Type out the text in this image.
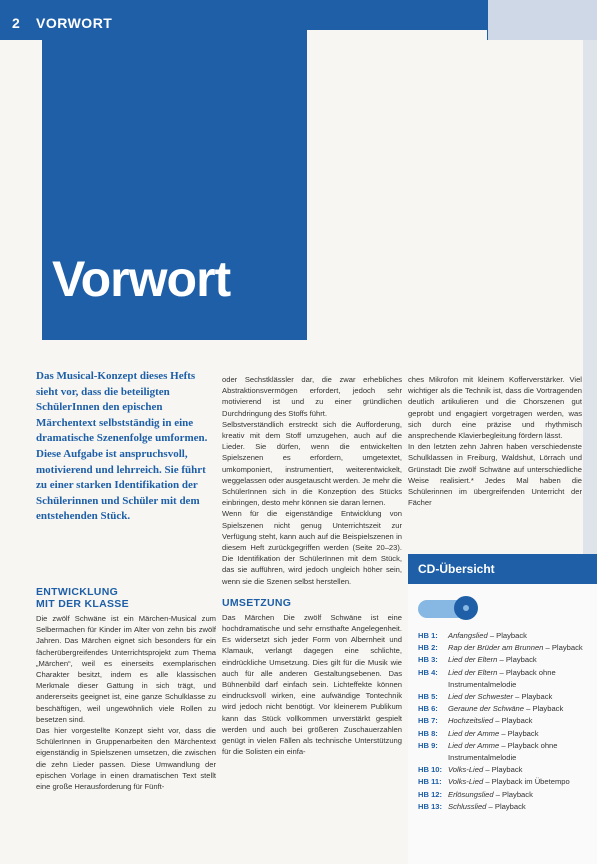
2 VORWORT
Vorwort

Das Musical-Konzept dieses Hefts sieht vor, dass die beteiligten SchülerInnen den epischen Märchentext selbstständig in eine dramatische Szenenfolge umformen. Diese Aufgabe ist anspruchsvoll, motivierend und lehrreich. Sie führt zu einer starken Identifikation der Schülerinnen und Schüler mit dem entstehenden Stück.

ENTWICKLUNG

MIT DER KLASSE

Die zwölf Schwäne ist ein Märchen-Musical zum Selbermachen für Kinder im Alter von zehn bis zwölf Jahren. Das Märchen eignet sich besonders für ein fächerübergreifendes Unterrichtsprojekt zum Thema „Märchen“, weil es einerseits exemplarischen Charakter besitzt, indem es alle klassischen Merkmale dieser Gattung in sich trägt, und andererseits geeignet ist, eine ganze Schulklasse zu beschäftigen, weil ungewöhnlich viele Rollen zu besetzen sind.

Das hier vorgestellte Konzept sieht vor, dass die SchülerInnen in Gruppenarbeiten den Märchentext eigenständig in Spielszenen umsetzen, die zwischen die zehn Lieder passen. Diese Umwandlung der epischen Vorlage in einen dramatischen Text stellt eine große Herausforderung für Fünft-

oder Sechstklässler dar, die zwar erhebliches Abstraktionsvermögen erfordert, jedoch sehr motivierend ist und zu einer gründlichen Durchdringung des Stoffs führt.

Selbstverständlich erstreckt sich die Aufforderung, kreativ mit dem Stoff umzugehen, auch auf die Lieder. Sie dürfen, wenn die entwickelten Spielszenen es erfordern, umgetextet, umkomponiert, instrumentiert, weiterentwickelt, weggelassen oder ausgetauscht werden. Je mehr die SchülerInnen sich in die Konzeption des Stücks einbringen, desto mehr können sie daran lernen.

Wenn für die eigenständige Entwicklung von Spielszenen nicht genug Unterrichtszeit zur Verfügung steht, kann auch auf die Beispielszenen in diesem Heft zurückgegriffen werden (Seite 20–23). Die Identifikation der SchülerInnen mit dem Stück, das sie aufführen, wird jedoch ungleich höher sein, wenn sie die Szenen selbst herstellen.

UMSETZUNG

Das Märchen Die zwölf Schwäne ist eine hochdramatische und sehr ernsthafte Angelegenheit. Es widersetzt sich jeder Form von Albernheit und Klamauk, verlangt dagegen eine schlichte, eindrückliche Umsetzung. Dies gilt für die Musik wie auch für alle anderen Gestaltungsebenen. Das Bühnenbild darf einfach sein. Lichteffekte können eindrucksvoll wirken, eine aufwändige Tontechnik wird jedoch nicht benötigt. Vor kleinerem Publikum kann das Stück vollkommen unverstärkt gespielt werden und auch bei größeren Zuschauerzahlen genügt in vielen Fällen als technische Unterstützung für die Solisten ein einfa-

ches Mikrofon mit kleinem Kofferverstärker. Viel wichtiger als die Technik ist, dass die Vortragenden deutlich artikulieren und die Chorszenen gut geprobt und engagiert vorgetragen werden, was sich durch eine präzise und rhythmisch ansprechende Klavierbegleitung fördern lässt.

In den letzten zehn Jahren haben verschiedenste Schulklassen in Freiburg, Waldshut, Lörrach und Grünstadt Die zwölf Schwäne auf unterschiedliche Weise realisiert.* Jedes Mal haben die Schülerinnen im übergreifenden Unterricht der Fächer

CD-Übersicht
HB 1: Anfangslied – Playback
HB 2: Rap der Brüder am Brunnen – Playback
HB 3: Lied der Eltern – Playback
HB 4: Lied der Eltern – Playback ohne
Instrumentalmelodie
HB 5: Lied der Schwester – Playback
HB 6: Geraune der Schwäne – Playback
HB 7: Hochzeitslied – Playback
HB 8: Lied der Amme – Playback
HB 9: Lied der Amme – Playback ohne
Instrumentalmelodie
HB 10: Volks-Lied – Playback
HB 11: Volks-Lied – Playback im Übetempo
HB 12: Erlösungslied – Playback
HB 13: Schlusslied – Playback
